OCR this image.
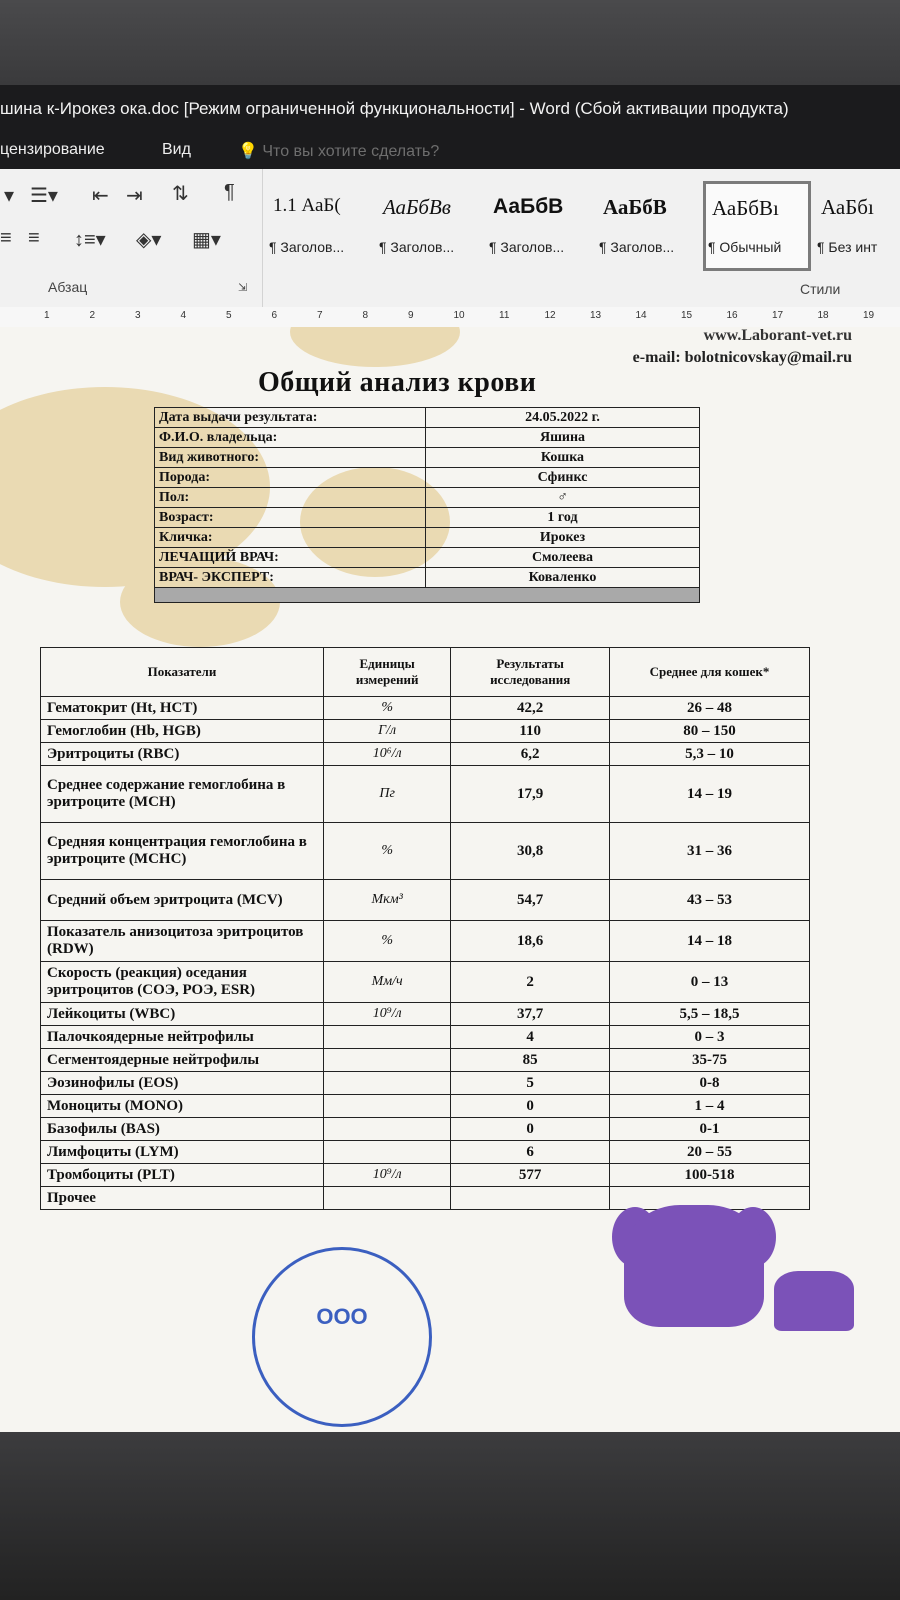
шина к-Ирокез ока.doc [Режим ограниченной функциональности] - Word (Сбой активации продукта)
цензирование	Вид	💡 Что вы хотите сделать?
▾ ☰▾ ⇤ ⇥ ⇅ ¶
≡ ≡ ↕≡▾ ◈▾ ▦▾
Абзац	⇲
1.1 АаБ(
¶ Заголов...
АаБбВв
¶ Заголов...
АаБбВ
¶ Заголов...
АаБбВ
¶ Заголов...
АаБбВı
¶ Обычный
АаБбı
¶ Без инт
Стили
1	2	3	4	5	6	7	8	9	10	11	12	13	14	15	16	17	18	19
www.Laborant-vet.ru
e-mail: bolotnicovskay@mail.ru
Общий анализ крови
Дата выдачи результата:	24.05.2022 г.
Ф.И.О. владельца:	Яшина
Вид животного:	Кошка
Порода:	Сфинкс
Пол:	♂
Возраст:	1 год
Кличка:	Ирокез
ЛЕЧАЩИЙ ВРАЧ:	Смолеева
ВРАЧ- ЭКСПЕРТ:	Коваленко

Показатели	Единицы измерений	Результаты исследования	Среднее для кошек*
Гематокрит (Ht, HCT)	%	42,2	26 – 48
Гемоглобин (Hb, HGB)	Г/л	110	80 – 150
Эритроциты (RBC)	10⁶/л	6,2	5,3 – 10
Среднее содержание гемоглобина в эритроците (MCH)	Пг	17,9	14 – 19
Средняя концентрация гемоглобина в эритроците (MCHC)	%	30,8	31 – 36
Средний объем эритроцита (MCV)	Мкм³	54,7	43 – 53
Показатель анизоцитоза эритроцитов (RDW)	%	18,6	14 – 18
Скорость (реакция) оседания эритроцитов (СОЭ, РОЭ, ESR)	Мм/ч	2	0 – 13
Лейкоциты (WBC)	10⁹/л	37,7	5,5 – 18,5
Палочкоядерные нейтрофилы		4	0 – 3
Сегментоядерные нейтрофилы		85	35-75
Эозинофилы (EOS)		5	0-8
Моноциты (MONO)		0	1 – 4
Базофилы (BAS)		0	0-1
Лимфоциты (LYM)		6	20 – 55
Тромбоциты (PLT)	10⁹/л	577	100-518
Прочее			
ООО
